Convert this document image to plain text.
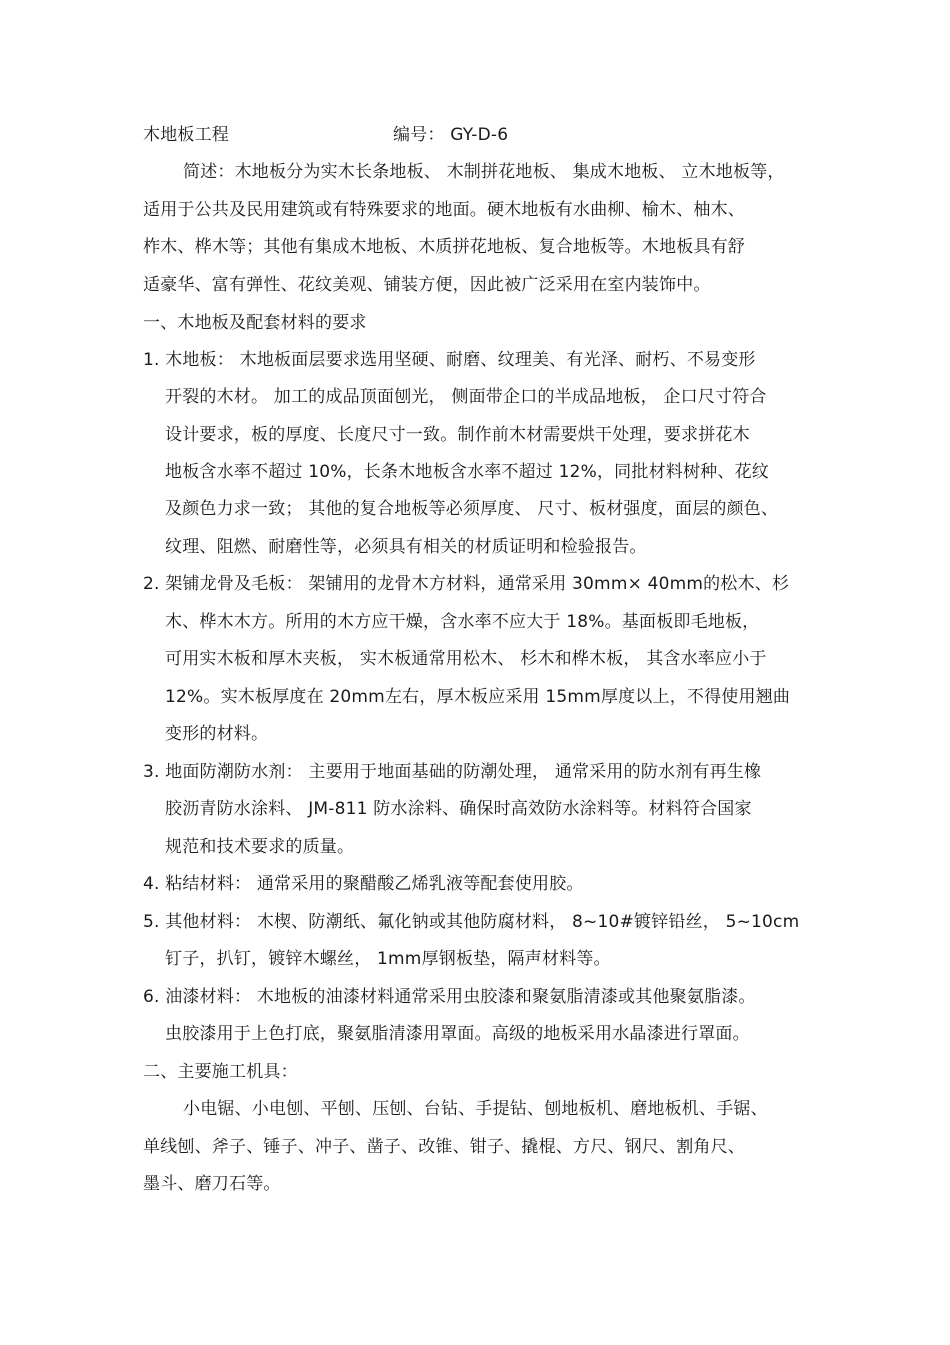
木地板工程	编号： GY-D-6
简述：木地板分为实木长条地板、 木制拼花地板、 集成木地板、 立木地板等，
适用于公共及民用建筑或有特殊要求的地面。硬木地板有水曲柳、榆木、柚木、
柞木、桦木等；其他有集成木地板、木质拼花地板、复合地板等。木地板具有舒
适豪华、富有弹性、花纹美观、铺装方便，因此被广泛采用在室内装饰中。
一、木地板及配套材料的要求
1. 木地板： 木地板面层要求选用坚硬、耐磨、纹理美、有光泽、耐朽、不易变形
开裂的木材。 加工的成品顶面刨光， 侧面带企口的半成品地板， 企口尺寸符合
设计要求，板的厚度、长度尺寸一致。制作前木材需要烘干处理，要求拼花木
地板含水率不超过 10%，长条木地板含水率不超过 12%，同批材料树种、花纹
及颜色力求一致； 其他的复合地板等必须厚度、 尺寸、板材强度，面层的颜色、
纹理、阻燃、耐磨性等，必须具有相关的材质证明和检验报告。
2. 架铺龙骨及毛板： 架铺用的龙骨木方材料，通常采用 30mm× 40mm的松木、杉
木、桦木木方。所用的木方应干燥，含水率不应大于 18%。基面板即毛地板，
可用实木板和厚木夹板， 实木板通常用松木、 杉木和桦木板， 其含水率应小于
12%。实木板厚度在 20mm左右，厚木板应采用 15mm厚度以上，不得使用翘曲
变形的材料。
3. 地面防潮防水剂： 主要用于地面基础的防潮处理， 通常采用的防水剂有再生橡
胶沥青防水涂料、 JM-811 防水涂料、确保时高效防水涂料等。材料符合国家
规范和技术要求的质量。
4. 粘结材料： 通常采用的聚醋酸乙烯乳液等配套使用胶。
5. 其他材料： 木楔、防潮纸、氟化钠或其他防腐材料， 8~10#镀锌铅丝， 5~10cm
钉子，扒钉，镀锌木螺丝， 1mm厚钢板垫，隔声材料等。
6. 油漆材料： 木地板的油漆材料通常采用虫胶漆和聚氨脂清漆或其他聚氨脂漆。
虫胶漆用于上色打底，聚氨脂清漆用罩面。高级的地板采用水晶漆进行罩面。
二、主要施工机具：
小电锯、小电刨、平刨、压刨、台钻、手提钻、刨地板机、磨地板机、手锯、
单线刨、斧子、锤子、冲子、凿子、改锥、钳子、撬棍、方尺、钢尺、割角尺、
墨斗、磨刀石等。
